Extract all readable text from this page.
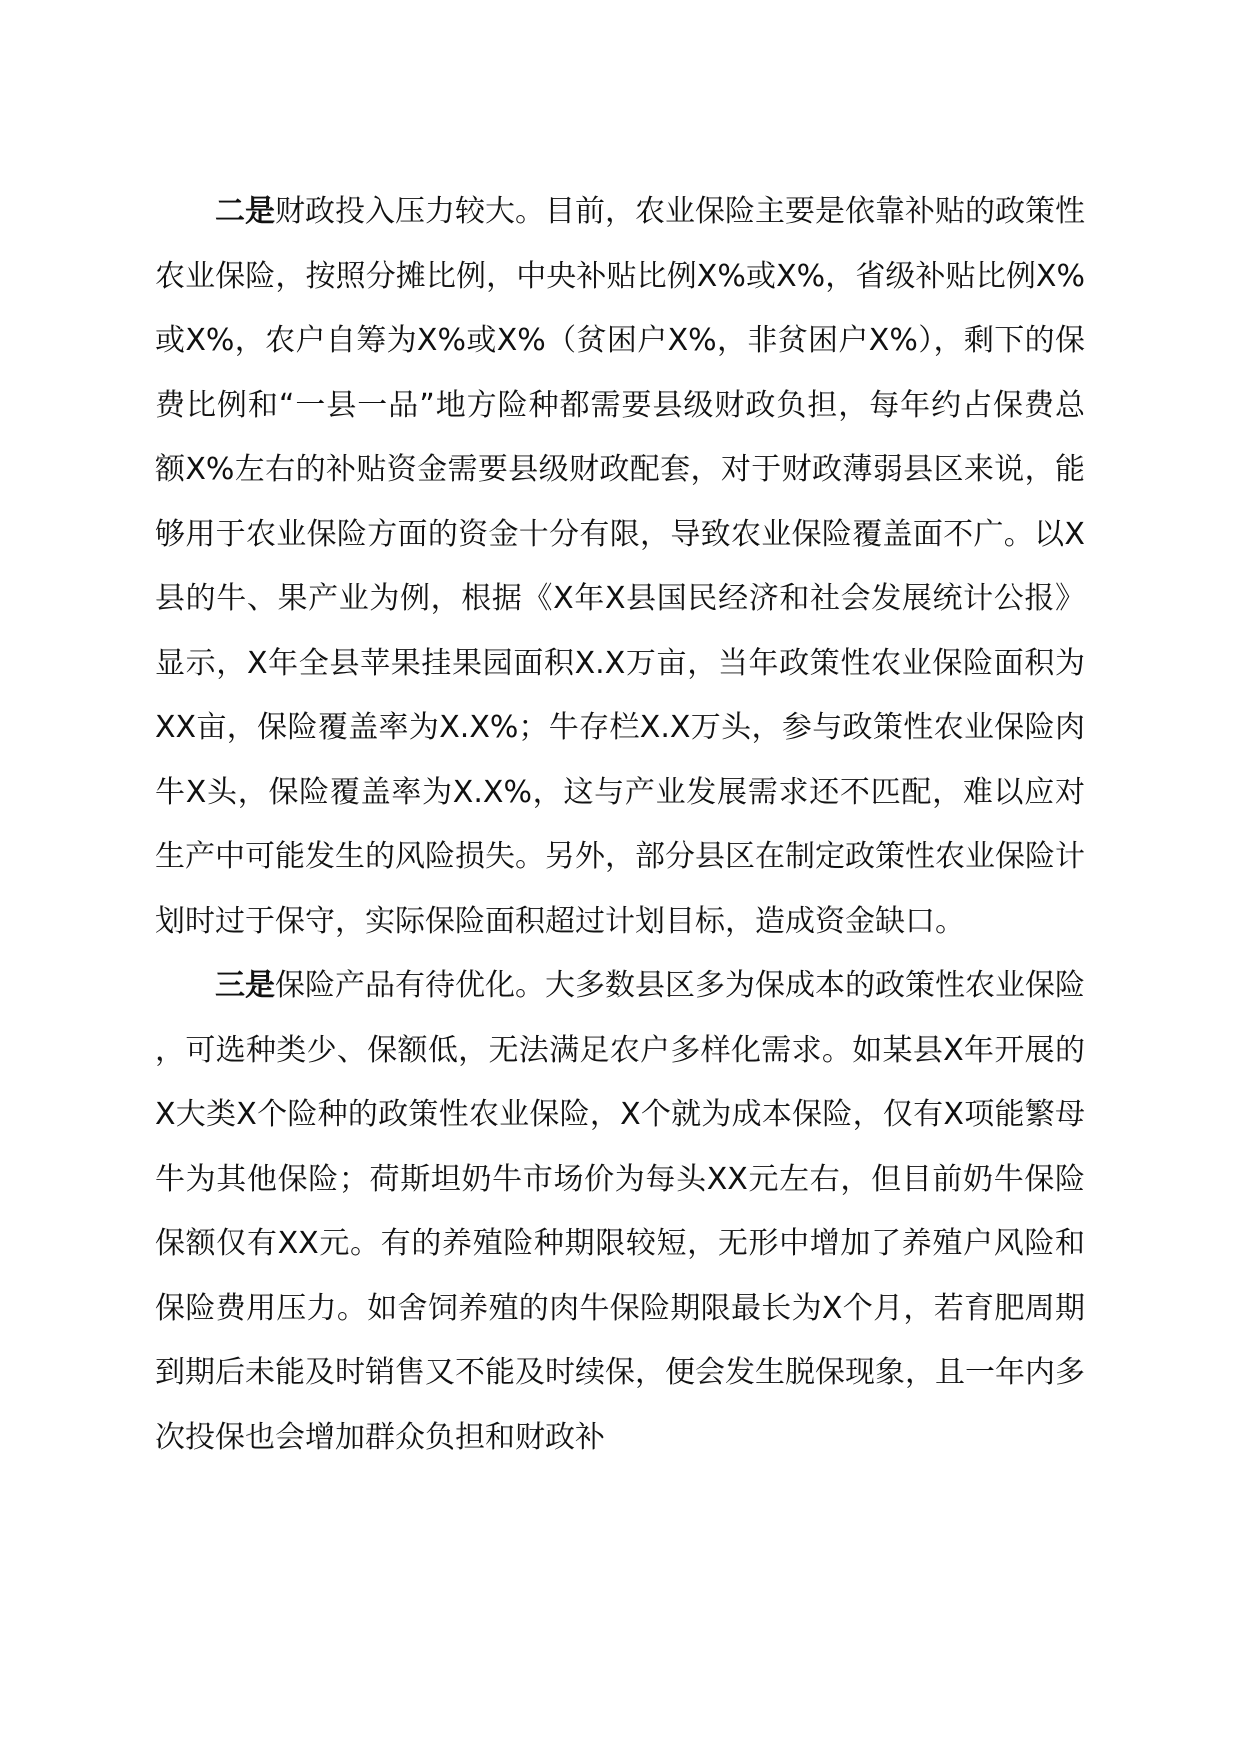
二是财政投入压力较大。目前，农业保险主要是依靠补贴的政策性农业保险，按照分摊比例，中央补贴比例X%或X%，省级补贴比例X%或X%，农户自筹为X%或X%（贫困户X%，非贫困户X%），剩下的保费比例和“一县一品”地方险种都需要县级财政负担，每年约占保费总额X%左右的补贴资金需要县级财政配套，对于财政薄弱县区来说，能够用于农业保险方面的资金十分有限，导致农业保险覆盖面不广。以X县的牛、果产业为例，根据《X年X县国民经济和社会发展统计公报》显示，X年全县苹果挂果园面积X.X万亩，当年政策性农业保险面积为XX亩，保险覆盖率为X.X%；牛存栏X.X万头，参与政策性农业保险肉牛X头，保险覆盖率为X.X%，这与产业发展需求还不匹配，难以应对生产中可能发生的风险损失。另外，部分县区在制定政策性农业保险计划时过于保守，实际保险面积超过计划目标，造成资金缺口。

三是保险产品有待优化。大多数县区多为保成本的政策性农业保险，可选种类少、保额低，无法满足农户多样化需求。如某县X年开展的X大类X个险种的政策性农业保险，X个就为成本保险，仅有X项能繁母牛为其他保险；荷斯坦奶牛市场价为每头XX元左右，但目前奶牛保险保额仅有XX元。有的养殖险种期限较短，无形中增加了养殖户风险和保险费用压力。如舍饲养殖的肉牛保险期限最长为X个月，若育肥周期到期后未能及时销售又不能及时续保，便会发生脱保现象，且一年内多次投保也会增加群众负担和财政补
